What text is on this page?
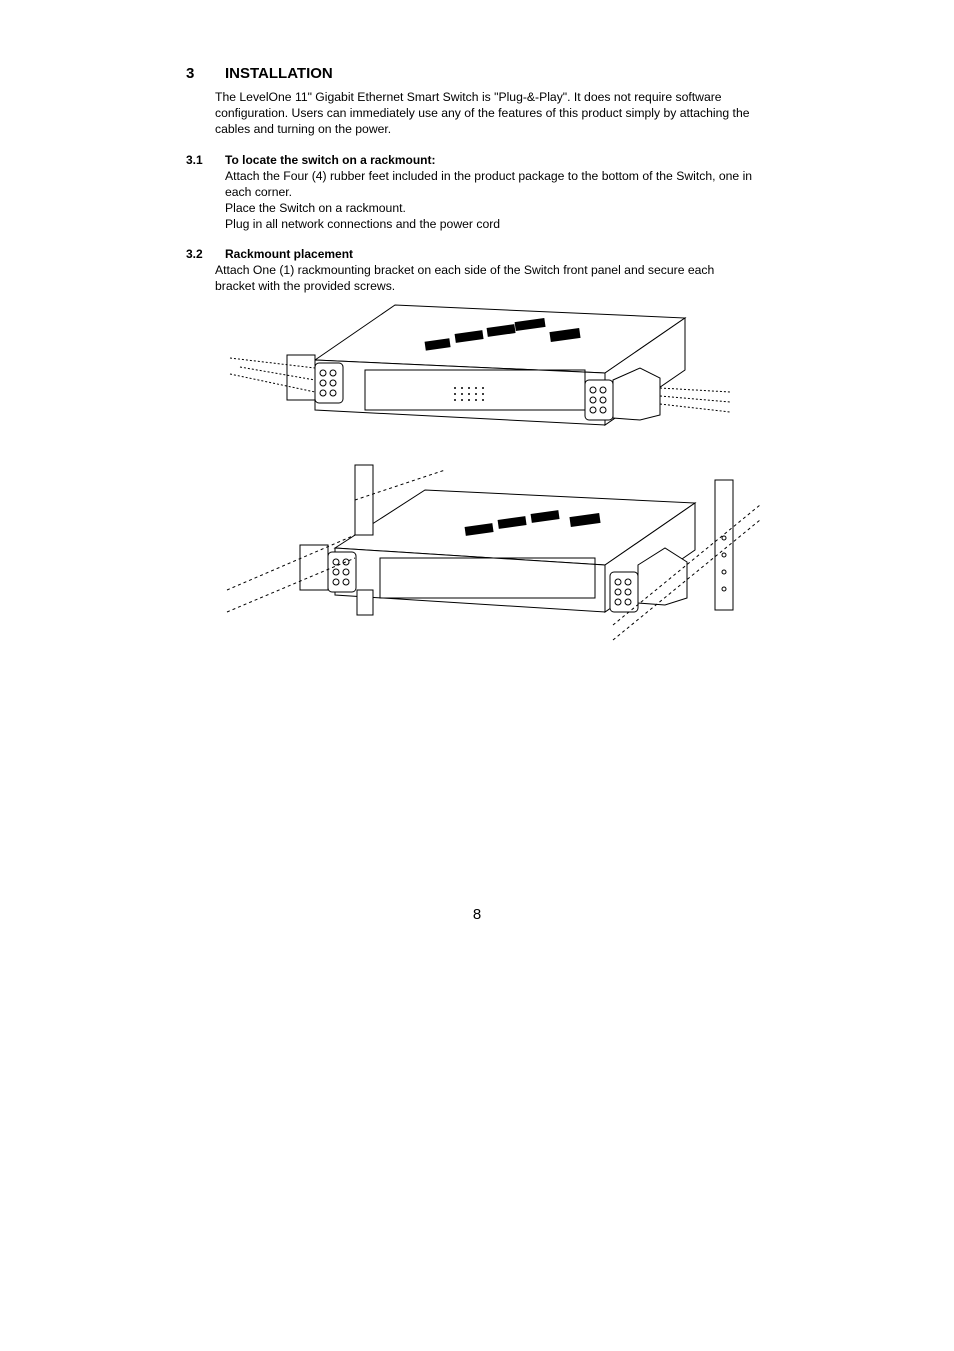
3 INSTALLATION
The LevelOne 11" Gigabit Ethernet Smart Switch is "Plug-&-Play". It does not require software
configuration. Users can immediately use any of the features of this product simply by attaching the
cables and turning on the power.
3.1 To locate the switch on a rackmount:
Attach the Four (4) rubber feet included in the product package to the bottom of the Switch, one in
each corner.
Place the Switch on a rackmount.
Plug in all network connections and the power cord
3.2 Rackmount placement
Attach One (1) rackmounting bracket on each side of the Switch front panel and secure each
bracket with the provided screws.
8
